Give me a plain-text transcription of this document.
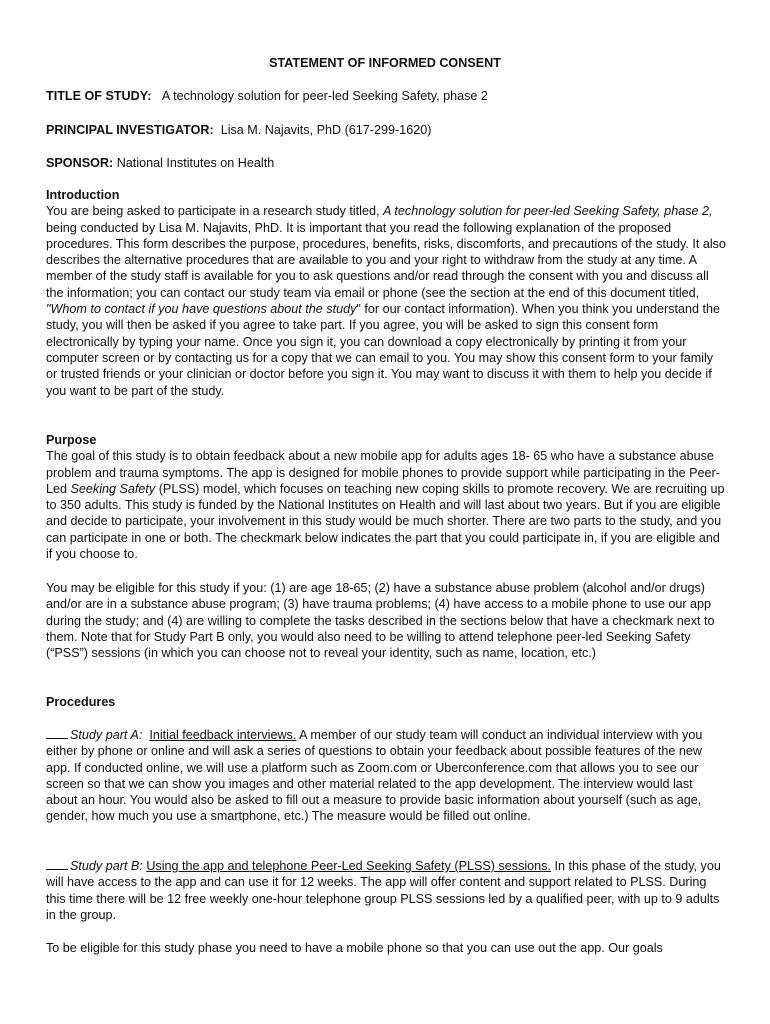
STATEMENT OF INFORMED CONSENT
TITLE OF STUDY: A technology solution for peer-led Seeking Safety, phase 2
PRINCIPAL INVESTIGATOR: Lisa M. Najavits, PhD (617-299-1620)
SPONSOR: National Institutes on Health
Introduction
You are being asked to participate in a research study titled, A technology solution for peer-led Seeking Safety, phase 2, being conducted by Lisa M. Najavits, PhD. It is important that you read the following explanation of the proposed procedures. This form describes the purpose, procedures, benefits, risks, discomforts, and precautions of the study. It also describes the alternative procedures that are available to you and your right to withdraw from the study at any time. A member of the study staff is available for you to ask questions and/or read through the consent with you and discuss all the information; you can contact our study team via email or phone (see the section at the end of this document titled, "Whom to contact if you have questions about the study" for our contact information). When you think you understand the study, you will then be asked if you agree to take part. If you agree, you will be asked to sign this consent form electronically by typing your name. Once you sign it, you can download a copy electronically by printing it from your computer screen or by contacting us for a copy that we can email to you. You may show this consent form to your family or trusted friends or your clinician or doctor before you sign it. You may want to discuss it with them to help you decide if you want to be part of the study.
Purpose
The goal of this study is to obtain feedback about a new mobile app for adults ages 18- 65 who have a substance abuse problem and trauma symptoms. The app is designed for mobile phones to provide support while participating in the Peer-Led Seeking Safety (PLSS) model, which focuses on teaching new coping skills to promote recovery. We are recruiting up to 350 adults. This study is funded by the National Institutes on Health and will last about two years. But if you are eligible and decide to participate, your involvement in this study would be much shorter. There are two parts to the study, and you can participate in one or both. The checkmark below indicates the part that you could participate in, if you are eligible and if you choose to.
You may be eligible for this study if you: (1) are age 18-65; (2) have a substance abuse problem (alcohol and/or drugs) and/or are in a substance abuse program; (3) have trauma problems; (4) have access to a mobile phone to use our app during the study; and (4) are willing to complete the tasks described in the sections below that have a checkmark next to them. Note that for Study Part B only, you would also need to be willing to attend telephone peer-led Seeking Safety (“PSS”) sessions (in which you can choose not to reveal your identity, such as name, location, etc.)
Procedures
Study part A: Initial feedback interviews. A member of our study team will conduct an individual interview with you either by phone or online and will ask a series of questions to obtain your feedback about possible features of the new app. If conducted online, we will use a platform such as Zoom.com or Uberconference.com that allows you to see our screen so that we can show you images and other material related to the app development. The interview would last about an hour. You would also be asked to fill out a measure to provide basic information about yourself (such as age, gender, how much you use a smartphone, etc.) The measure would be filled out online.
Study part B: Using the app and telephone Peer-Led Seeking Safety (PLSS) sessions. In this phase of the study, you will have access to the app and can use it for 12 weeks. The app will offer content and support related to PLSS. During this time there will be 12 free weekly one-hour telephone group PLSS sessions led by a qualified peer, with up to 9 adults in the group.
To be eligible for this study phase you need to have a mobile phone so that you can use out the app. Our goals
